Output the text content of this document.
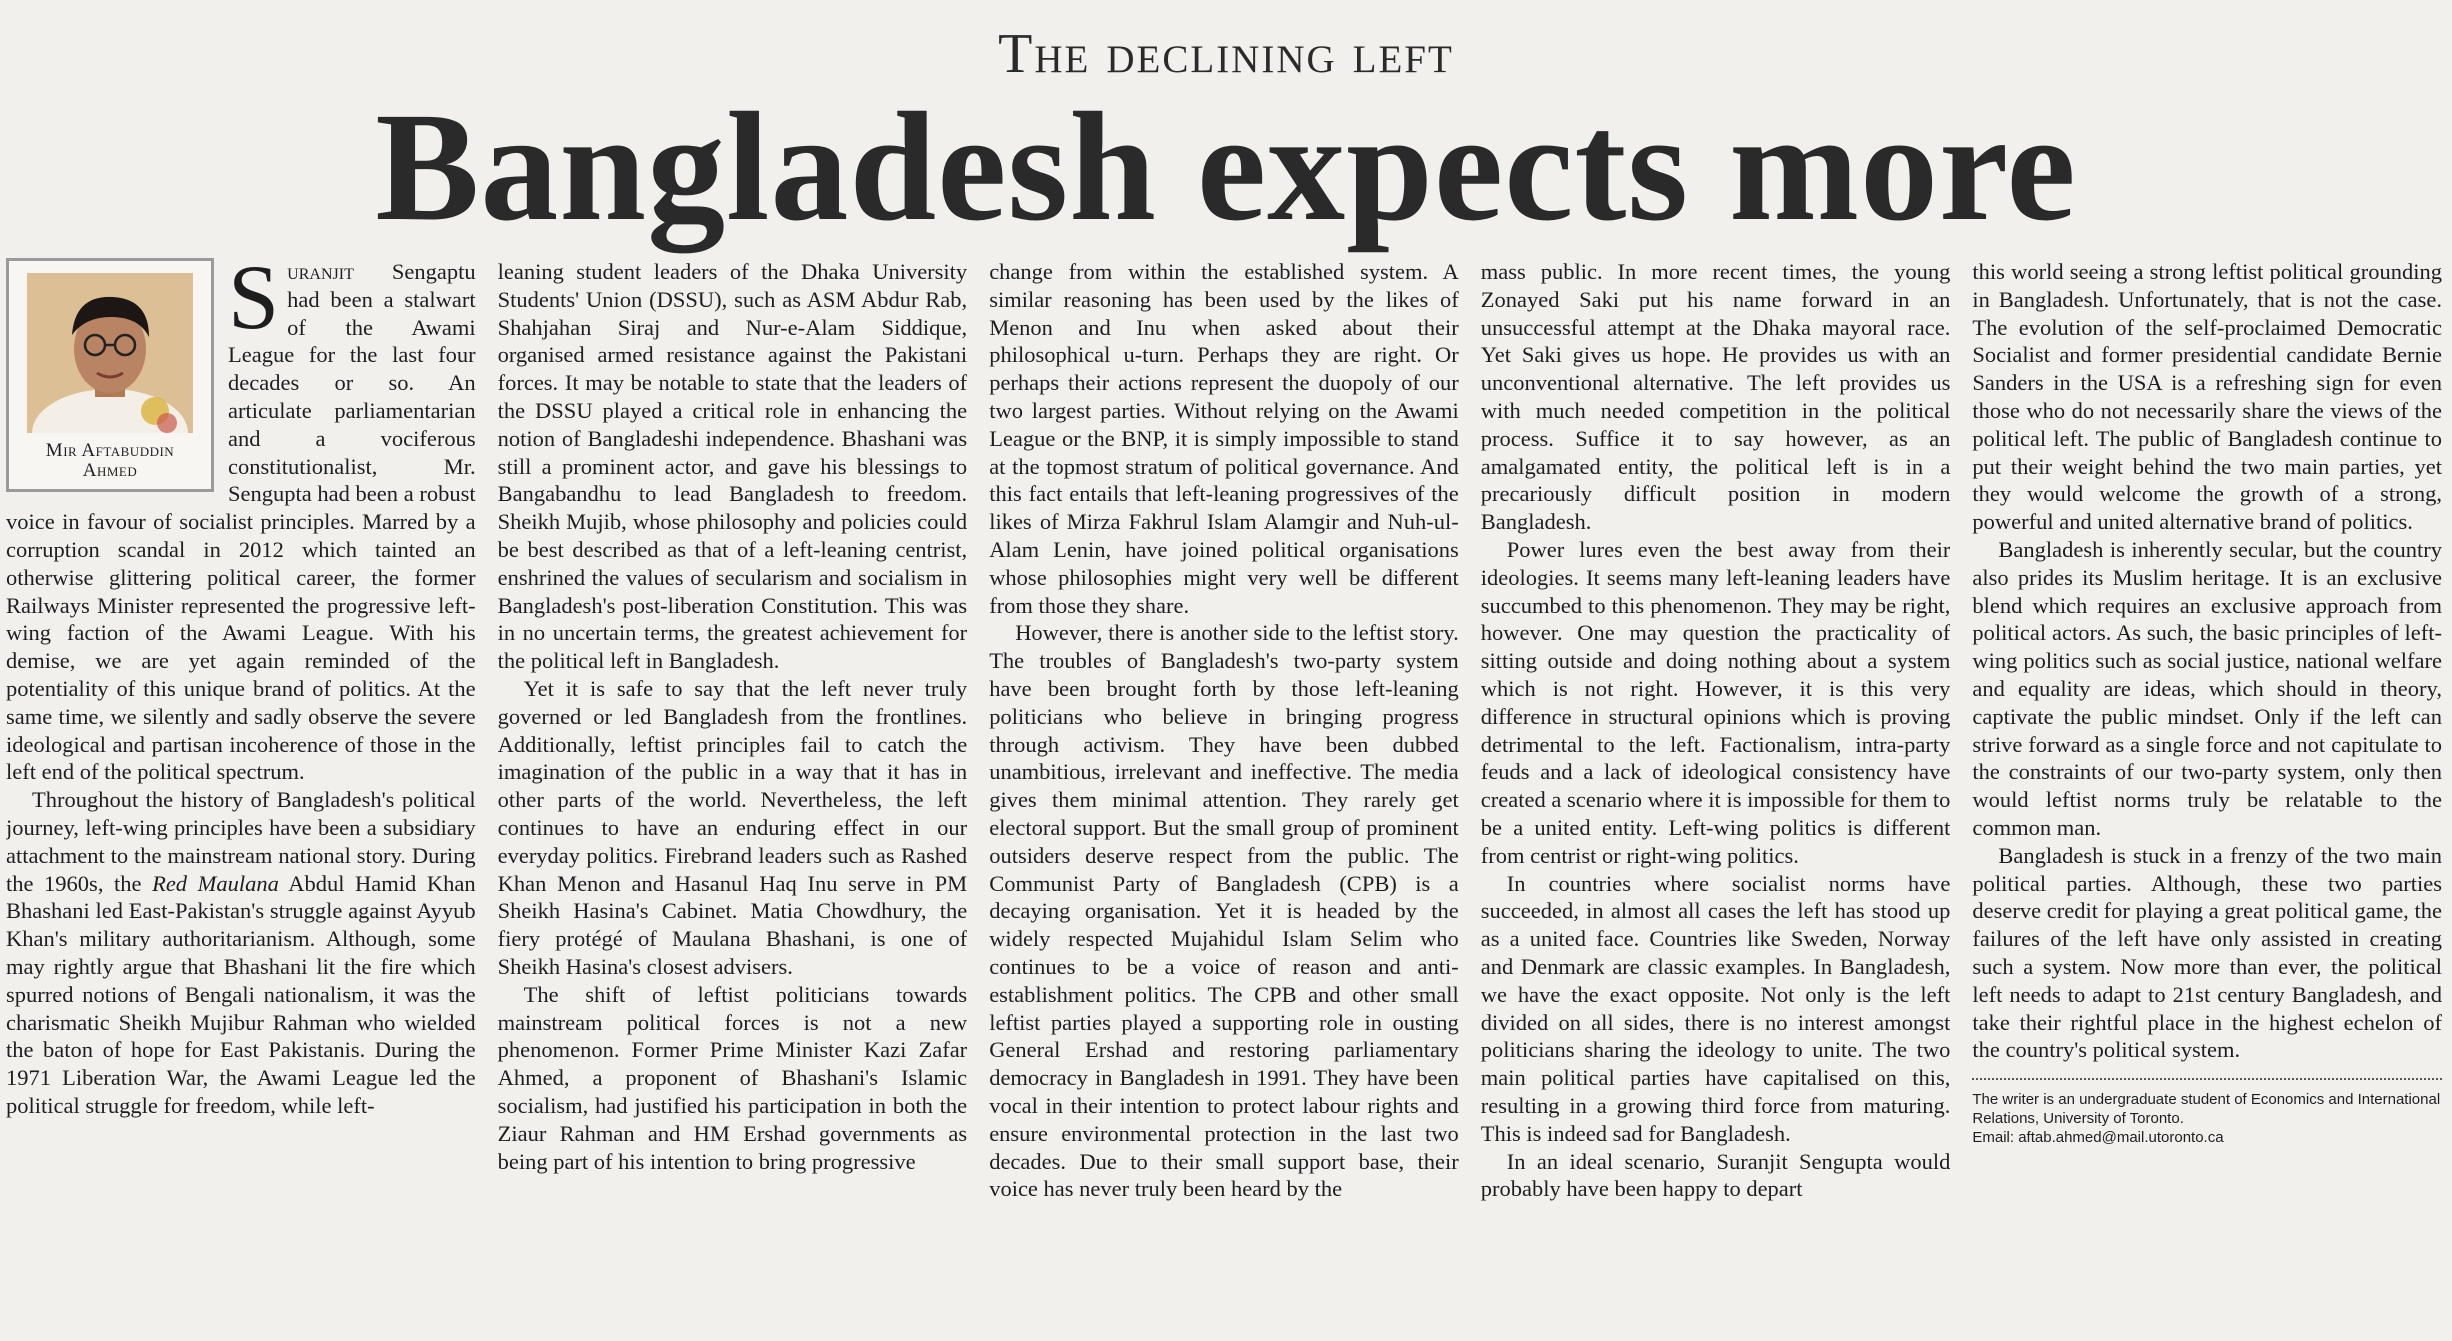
The declining left
Bangladesh expects more
Mir Aftabuddin Ahmed

Suranjit Sengaptu had been a stalwart of the Awami League for the last four decades or so. An articulate parliamentarian and a vociferous constitutionalist, Mr. Sengupta had been a robust voice in favour of socialist principles. Marred by a corruption scandal in 2012 which tainted an otherwise glittering political career, the former Railways Minister represented the progressive left-wing faction of the Awami League. With his demise, we are yet again reminded of the potentiality of this unique brand of politics. At the same time, we silently and sadly observe the severe ideological and partisan incoherence of those in the left end of the political spectrum.

Throughout the history of Bangladesh's political journey, left-wing principles have been a subsidiary attachment to the mainstream national story. During the 1960s, the Red Maulana Abdul Hamid Khan Bhashani led East-Pakistan's struggle against Ayyub Khan's military authoritarianism. Although, some may rightly argue that Bhashani lit the fire which spurred notions of Bengali nationalism, it was the charismatic Sheikh Mujibur Rahman who wielded the baton of hope for East Pakistanis. During the 1971 Liberation War, the Awami League led the political struggle for freedom, while left-

leaning student leaders of the Dhaka University Students' Union (DSSU), such as ASM Abdur Rab, Shahjahan Siraj and Nur-e-Alam Siddique, organised armed resistance against the Pakistani forces. It may be notable to state that the leaders of the DSSU played a critical role in enhancing the notion of Bangladeshi independence. Bhashani was still a prominent actor, and gave his blessings to Bangabandhu to lead Bangladesh to freedom. Sheikh Mujib, whose philosophy and policies could be best described as that of a left-leaning centrist, enshrined the values of secularism and socialism in Bangladesh's post-liberation Constitution. This was in no uncertain terms, the greatest achievement for the political left in Bangladesh.

Yet it is safe to say that the left never truly governed or led Bangladesh from the frontlines. Additionally, leftist principles fail to catch the imagination of the public in a way that it has in other parts of the world. Nevertheless, the left continues to have an enduring effect in our everyday politics. Firebrand leaders such as Rashed Khan Menon and Hasanul Haq Inu serve in PM Sheikh Hasina's Cabinet. Matia Chowdhury, the fiery protégé of Maulana Bhashani, is one of Sheikh Hasina's closest advisers.

The shift of leftist politicians towards mainstream political forces is not a new phenomenon. Former Prime Minister Kazi Zafar Ahmed, a proponent of Bhashani's Islamic socialism, had justified his participation in both the Ziaur Rahman and HM Ershad governments as being part of his intention to bring progressive

change from within the established system. A similar reasoning has been used by the likes of Menon and Inu when asked about their philosophical u-turn. Perhaps they are right. Or perhaps their actions represent the duopoly of our two largest parties. Without relying on the Awami League or the BNP, it is simply impossible to stand at the topmost stratum of political governance. And this fact entails that left-leaning progressives of the likes of Mirza Fakhrul Islam Alamgir and Nuh-ul-Alam Lenin, have joined political organisations whose philosophies might very well be different from those they share.

However, there is another side to the leftist story. The troubles of Bangladesh's two-party system have been brought forth by those left-leaning politicians who believe in bringing progress through activism. They have been dubbed unambitious, irrelevant and ineffective. The media gives them minimal attention. They rarely get electoral support. But the small group of prominent outsiders deserve respect from the public. The Communist Party of Bangladesh (CPB) is a decaying organisation. Yet it is headed by the widely respected Mujahidul Islam Selim who continues to be a voice of reason and anti-establishment politics. The CPB and other small leftist parties played a supporting role in ousting General Ershad and restoring parliamentary democracy in Bangladesh in 1991. They have been vocal in their intention to protect labour rights and ensure environmental protection in the last two decades. Due to their small support base, their voice has never truly been heard by the

mass public. In more recent times, the young Zonayed Saki put his name forward in an unsuccessful attempt at the Dhaka mayoral race. Yet Saki gives us hope. He provides us with an unconventional alternative. The left provides us with much needed competition in the political process. Suffice it to say however, as an amalgamated entity, the political left is in a precariously difficult position in modern Bangladesh.

Power lures even the best away from their ideologies. It seems many left-leaning leaders have succumbed to this phenomenon. They may be right, however. One may question the practicality of sitting outside and doing nothing about a system which is not right. However, it is this very difference in structural opinions which is proving detrimental to the left. Factionalism, intra-party feuds and a lack of ideological consistency have created a scenario where it is impossible for them to be a united entity. Left-wing politics is different from centrist or right-wing politics.

In countries where socialist norms have succeeded, in almost all cases the left has stood up as a united face. Countries like Sweden, Norway and Denmark are classic examples. In Bangladesh, we have the exact opposite. Not only is the left divided on all sides, there is no interest amongst politicians sharing the ideology to unite. The two main political parties have capitalised on this, resulting in a growing third force from maturing. This is indeed sad for Bangladesh.

In an ideal scenario, Suranjit Sengupta would probably have been happy to depart

this world seeing a strong leftist political grounding in Bangladesh. Unfortunately, that is not the case. The evolution of the self-proclaimed Democratic Socialist and former presidential candidate Bernie Sanders in the USA is a refreshing sign for even those who do not necessarily share the views of the political left. The public of Bangladesh continue to put their weight behind the two main parties, yet they would welcome the growth of a strong, powerful and united alternative brand of politics.

Bangladesh is inherently secular, but the country also prides its Muslim heritage. It is an exclusive blend which requires an exclusive approach from political actors. As such, the basic principles of left-wing politics such as social justice, national welfare and equality are ideas, which should in theory, captivate the public mindset. Only if the left can strive forward as a single force and not capitulate to the constraints of our two-party system, only then would leftist norms truly be relatable to the common man.

Bangladesh is stuck in a frenzy of the two main political parties. Although, these two parties deserve credit for playing a great political game, the failures of the left have only assisted in creating such a system. Now more than ever, the political left needs to adapt to 21st century Bangladesh, and take their rightful place in the highest echelon of the country's political system.

The writer is an undergraduate student of Economics and International Relations, University of Toronto.
Email: aftab.ahmed@mail.utoronto.ca
